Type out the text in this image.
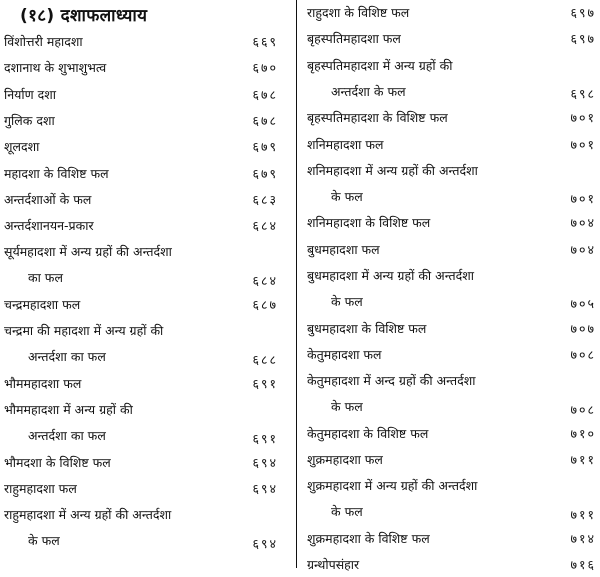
(१८) दशाफलाध्याय
विंशोत्तरी महादशा	६६९
दशानाथ के शुभाशुभत्व	६७०
निर्याण दशा	६७८
गुलिक दशा	६७८
शूलदशा	६७९
महादशा के विशिष्ट फल	६७९
अन्तर्दशाओं के फल	६८३
अन्तर्दशानयन-प्रकार	६८४
सूर्यमहादशा में अन्य ग्रहों की अन्तर्दशा
का फल	६८४
चन्द्रमहादशा फल	६८७
चन्द्रमा की महादशा में अन्य ग्रहों की
अन्तर्दशा का फल	६८८
भौममहादशा फल	६९१
भौममहादशा में अन्य ग्रहों की
अन्तर्दशा का फल	६९१
भौमदशा के विशिष्ट फल	६९४
राहुमहादशा फल	६९४
राहुमहादशा में अन्य ग्रहों की अन्तर्दशा
के फल	६९४
राहुदशा के विशिष्ट फल	६९७
बृहस्पतिमहादशा फल	६९७
बृहस्पतिमहादशा में अन्य ग्रहों की
अन्तर्दशा के फल	६९८
बृहस्पतिमहादशा के विशिष्ट फल	७०१
शनिमहादशा फल	७०१
शनिमहादशा में अन्य ग्रहों की अन्तर्दशा
के फल	७०१
शनिमहादशा के विशिष्ट फल	७०४
बुधमहादशा फल	७०४
बुधमहादशा में अन्य ग्रहों की अन्तर्दशा
के फल	७०५
बुधमहादशा के विशिष्ट फल	७०७
केतुमहादशा फल	७०८
केतुमहादशा में अन्द ग्रहों की अन्तर्दशा
के फल	७०८
केतुमहादशा के विशिष्ट फल	७१०
शुक्रमहादशा फल	७११
शुक्रमहादशा में अन्य ग्रहों की अन्तर्दशा
के फल	७११
शुक्रमहादशा के विशिष्ट फल	७१४
ग्रन्थोपसंहार	७१६
